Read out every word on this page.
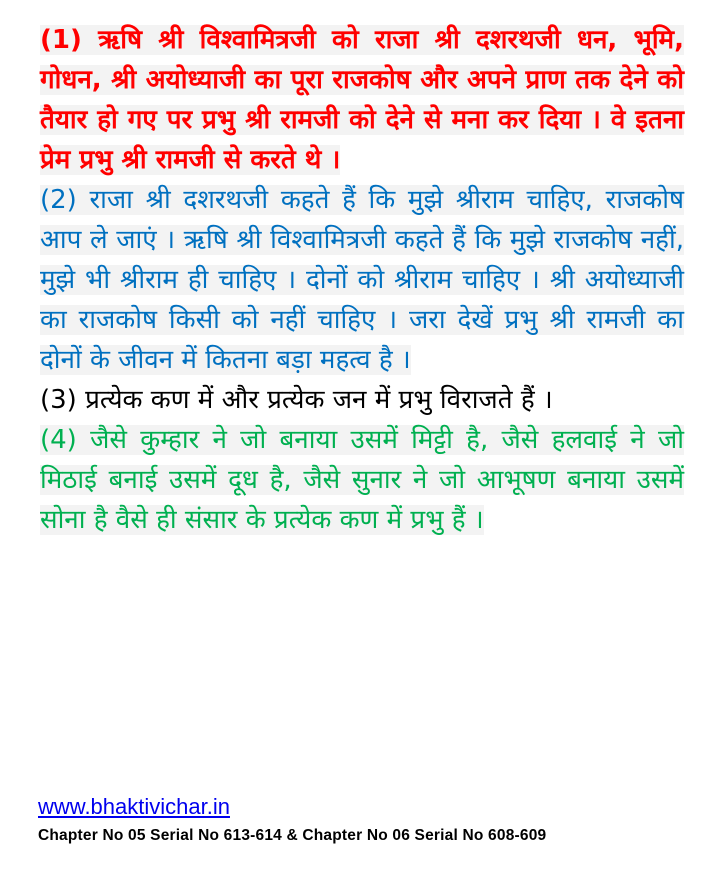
(1) ऋषि श्री विश्वामित्रजी को राजा श्री दशरथजी धन, भूमि, गोधन, श्री अयोध्याजी का पूरा राजकोष और अपने प्राण तक देने को तैयार हो गए पर प्रभु श्री रामजी को देने से मना कर दिया । वे इतना प्रेम प्रभु श्री रामजी से करते थे ।

(2) राजा श्री दशरथजी कहते हैं कि मुझे श्रीराम चाहिए, राजकोष आप ले जाएं । ऋषि श्री विश्वामित्रजी कहते हैं कि मुझे राजकोष नहीं, मुझे भी श्रीराम ही चाहिए । दोनों को श्रीराम चाहिए । श्री अयोध्याजी का राजकोष किसी को नहीं चाहिए । जरा देखें प्रभु श्री रामजी का दोनों के जीवन में कितना बड़ा महत्व है ।

(3) प्रत्येक कण में और प्रत्येक जन में प्रभु विराजते हैं ।

(4) जैसे कुम्हार ने जो बनाया उसमें मिट्टी है, जैसे हलवाई ने जो मिठाई बनाई उसमें दूध है, जैसे सुनार ने जो आभूषण बनाया उसमें सोना है वैसे ही संसार के प्रत्येक कण में प्रभु हैं ।

www.bhaktivichar.in
Chapter No 05 Serial No 613-614 & Chapter No 06 Serial No 608-609
